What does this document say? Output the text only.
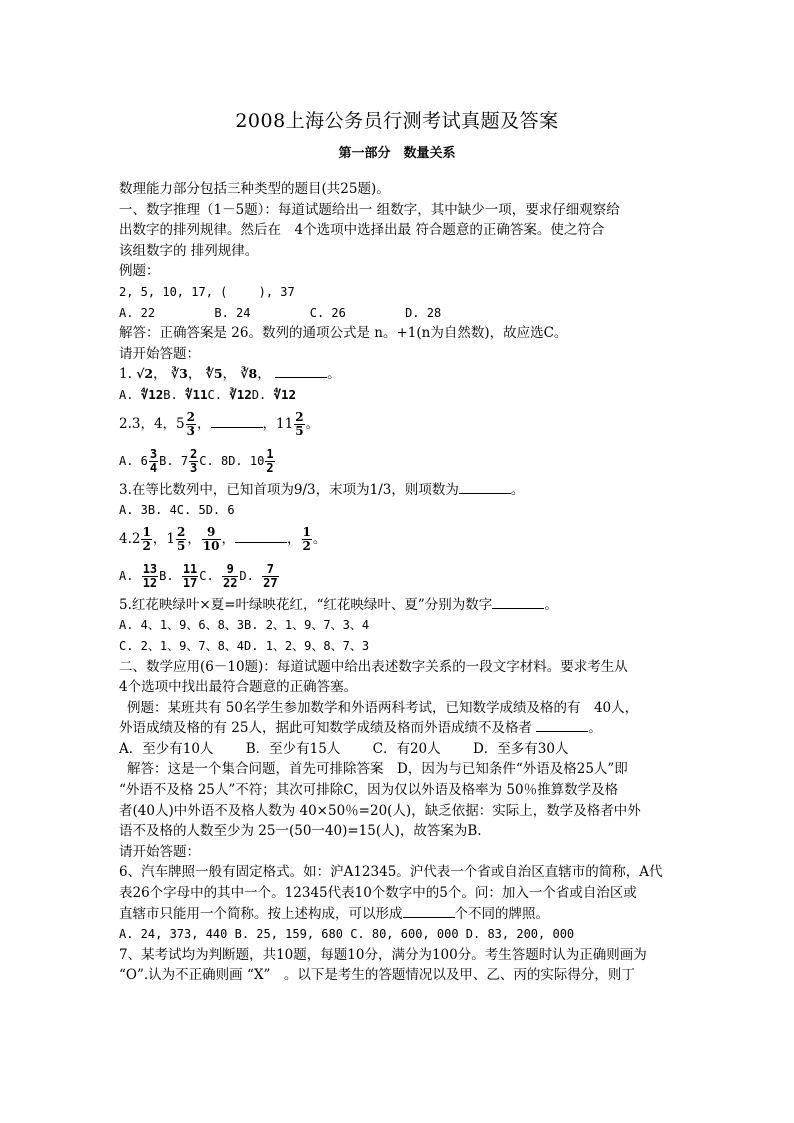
2008上海公务员行测考试真题及答案
第一部分　数量关系
数理能力部分包括三种类型的题目(共25题)。
一、数字推理（1－5题）：每道试题给出一 组数字，其中缺少一项，要求仔细观察给
出数字的排列规律。然后在　4个选项中选择出最 符合题意的正确答案。使之符合
该组数字的 排列规律。
例题：
2, 5, 10, 17, (　　 ), 37
A. 22	B. 24	C. 26	D. 28
解答：正确答案是 26。数列的通项公式是 n。+1(n为自然数)，故应选C。
请开始答题：
1. √2， ∛3， ∜5， ∛8，	。
A. ∜12B. ∜11C. ∛12D. ∜12
2.3，4，$5 \frac{2}{3}$ ，	，$11 \frac{2}{5}$ 。
A. $6 \frac{3}{4} B$. $7 \frac{2}{3} C$. 8D. $10 \frac{1}{2}$
3.在等比数列中，已知首项为9/3，末项为1/3，则项数为	。
A. 3B. 4C. 5D. 6
$4.2 \frac{1}{2}$ ，$1 \frac{2}{5}$ ， $\frac{9}{10}$ ，	， $\frac{1}{2}$ 。
A. $\frac{13}{12} B$. $\frac{11}{17} C$. $\frac{9}{22} D$. $\frac{7}{27}$
5.红花映绿叶×夏=叶绿映花红，“红花映绿叶、夏”分别为数字	。
A. 4、1、9、6、8、3B. 2、1、9、7、3、4
C. 2、1、9、7、8、4D. 1、2、9、8、7、3
二、数学应用(6－10题)：每道试题中给出表述数字关系的一段文字材料。要求考生从
4个选项中找出最符合题意的正确答塞。
例题：某班共有 50名学生参加数学和外语两科考试，已知数学成绩及格的有　40人，
外语成绩及格的有 25人，据此可知数学成绩及格而外语成绩不及格者	。
A．至少有10人 B．至少有15人 C．有20人 D．至多有30人
解答：这是一个集合问题，首先可排除答案　D，因为与已知条件“外语及格25人”即
“外语不及格 25人”不符；其次可排除C，因为仅以外语及格率为 50％推算数学及格
者(40人)中外语不及格人数为 40×50％=20(人)，缺乏依据：实际上，数学及格者中外
语不及格的人数至少为 25一(50一40)=15(人)，故答案为B.
请开始答题：
6、汽车牌照一般有固定格式。如：沪A12345。沪代表一个省或自治区直辖市的简称，A代
表26个字母中的其中一个。12345代表10个数字中的5个。问：加入一个省或自治区或
直辖市只能用一个简称。按上述构成，可以形成	个不同的牌照。
A. 24, 373, 440 B. 25, 159, 680 C. 80, 600, 000 D. 83, 200, 000
7、某考试均为判断题，共10题，每题10分，满分为100分。考生答题时认为正确则画为
“O”.认为不正确则画 “X”　。以下是考生的答题情况以及甲、乙、丙的实际得分，则丁
